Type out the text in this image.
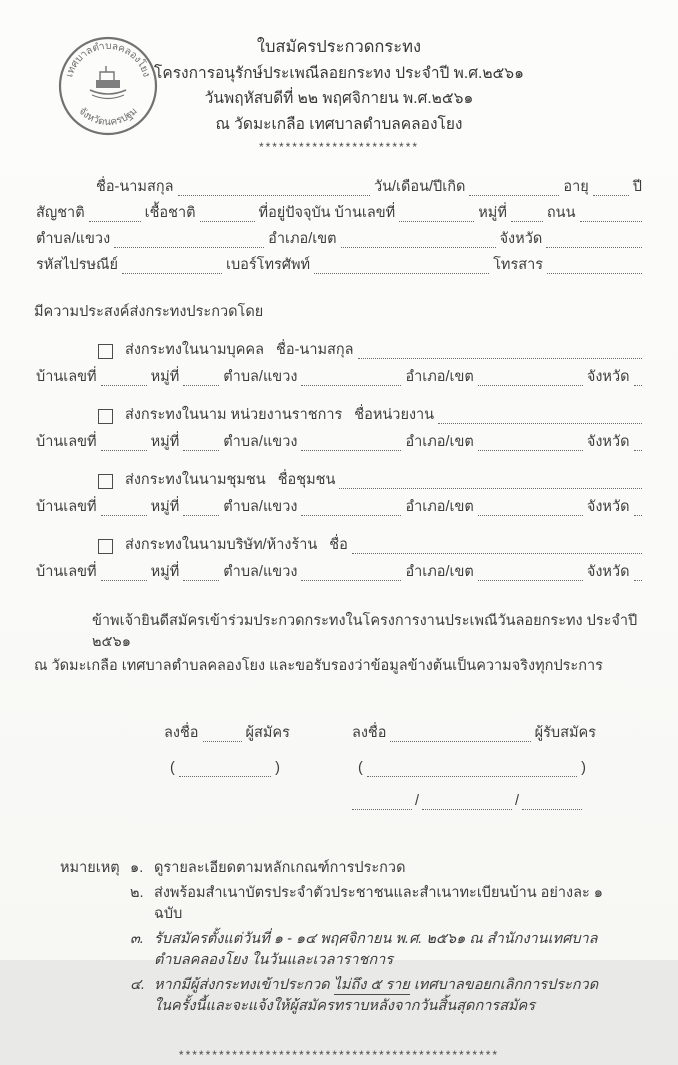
เทศบาลตำบลคลองโยง
จังหวัดนครปฐม
ใบสมัครประกวดกระทง
โครงการอนุรักษ์ประเพณีลอยกระทง ประจำปี พ.ศ.๒๕๖๑
วันพฤหัสบดีที่ ๒๒ พฤศจิกายน พ.ศ.๒๕๖๑
ณ วัดมะเกลือ เทศบาลตำบลคลองโยง
************************
ชื่อ-นามสกุล	วัน/เดือน/ปีเกิด	อายุ	ปี
สัญชาติ	เชื้อชาติ	ที่อยู่ปัจจุบัน บ้านเลขที่	หมู่ที่	ถนน
ตำบล/แขวง	อำเภอ/เขต	จังหวัด
รหัสไปรษณีย์	เบอร์โทรศัพท์	โทรสาร
มีความประสงค์ส่งกระทงประกวดโดย
ส่งกระทงในนามบุคคล ชื่อ-นามสกุล
บ้านเลขที่	หมู่ที่	ตำบล/แขวง	อำเภอ/เขต	จังหวัด
ส่งกระทงในนาม หน่วยงานราชการ ชื่อหน่วยงาน
บ้านเลขที่	หมู่ที่	ตำบล/แขวง	อำเภอ/เขต	จังหวัด
ส่งกระทงในนามชุมชน ชื่อชุมชน
บ้านเลขที่	หมู่ที่	ตำบล/แขวง	อำเภอ/เขต	จังหวัด
ส่งกระทงในนามบริษัท/ห้างร้าน ชื่อ
บ้านเลขที่	หมู่ที่	ตำบล/แขวง	อำเภอ/เขต	จังหวัด
ข้าพเจ้ายินดีสมัครเข้าร่วมประกวดกระทงในโครงการงานประเพณีวันลอยกระทง ประจำปี ๒๕๖๑
ณ วัดมะเกลือ เทศบาลตำบลคลองโยง และขอรับรองว่าข้อมูลข้างต้นเป็นความจริงทุกประการ
ลงชื่อ	ผู้สมัคร
(	)
ลงชื่อ	ผู้รับสมัคร
(	)
/	/
หมายเหตุ ๑. ดูรายละเอียดตามหลักเกณฑ์การประกวด
๒. ส่งพร้อมสำเนาบัตรประจำตัวประชาชนและสำเนาทะเบียนบ้าน อย่างละ ๑ ฉบับ
๓. รับสมัครตั้งแต่วันที่ ๑ - ๑๔ พฤศจิกายน พ.ศ. ๒๕๖๑ ณ สำนักงานเทศบาลตำบลคลองโยง ในวันและเวลาราชการ
๔. หากมีผู้ส่งกระทงเข้าประกวด ไม่ถึง ๕ ราย เทศบาลขอยกเลิกการประกวดในครั้งนี้และจะแจ้งให้ผู้สมัครทราบหลังจากวันสิ้นสุดการสมัคร
************************************************
